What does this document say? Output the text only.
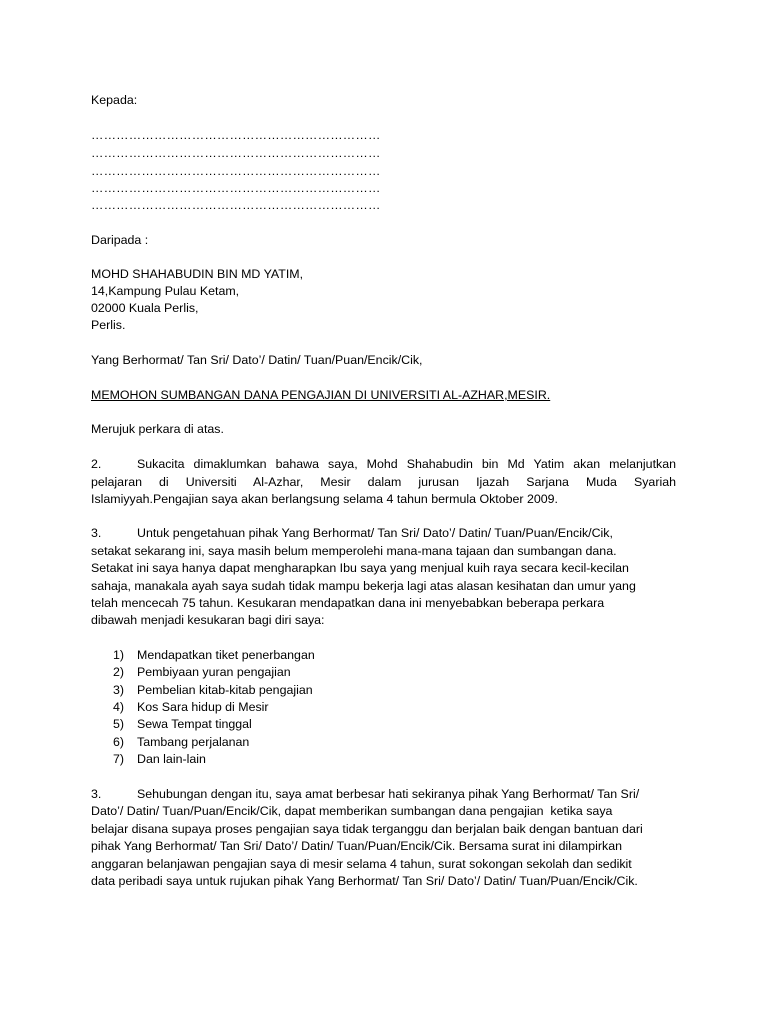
Kepada:
……………………………………………………………
……………………………………………………………
……………………………………………………………
……………………………………………………………
……………………………………………………………
Daripada :
MOHD SHAHABUDIN BIN MD YATIM,
14,Kampung Pulau Ketam,
02000 Kuala Perlis,
Perlis.
Yang Berhormat/ Tan Sri/ Dato’/ Datin/ Tuan/Puan/Encik/Cik,
MEMOHON SUMBANGAN DANA PENGAJIAN DI UNIVERSITI AL-AZHAR,MESIR.
Merujuk perkara di atas.
2.	Sukacita dimaklumkan bahawa saya, Mohd Shahabudin bin Md Yatim akan melanjutkan
pelajaran di Universiti Al-Azhar, Mesir dalam jurusan Ijazah Sarjana Muda Syariah
Islamiyyah.Pengajian saya akan berlangsung selama 4 tahun bermula Oktober 2009.
3.	Untuk pengetahuan pihak Yang Berhormat/ Tan Sri/ Dato’/ Datin/ Tuan/Puan/Encik/Cik,
setakat sekarang ini, saya masih belum memperolehi mana-mana tajaan dan sumbangan dana.
Setakat ini saya hanya dapat mengharapkan Ibu saya yang menjual kuih raya secara kecil-kecilan
sahaja, manakala ayah saya sudah tidak mampu bekerja lagi atas alasan kesihatan dan umur yang
telah mencecah 75 tahun. Kesukaran mendapatkan dana ini menyebabkan beberapa perkara
dibawah menjadi kesukaran bagi diri saya:
1) Mendapatkan tiket penerbangan
2) Pembiyaan yuran pengajian
3) Pembelian kitab-kitab pengajian
4) Kos Sara hidup di Mesir
5) Sewa Tempat tinggal
6) Tambang perjalanan
7) Dan lain-lain
3.	Sehubungan dengan itu, saya amat berbesar hati sekiranya pihak Yang Berhormat/ Tan Sri/
Dato’/ Datin/ Tuan/Puan/Encik/Cik, dapat memberikan sumbangan dana pengajian  ketika saya
belajar disana supaya proses pengajian saya tidak terganggu dan berjalan baik dengan bantuan dari
pihak Yang Berhormat/ Tan Sri/ Dato’/ Datin/ Tuan/Puan/Encik/Cik. Bersama surat ini dilampirkan
anggaran belanjawan pengajian saya di mesir selama 4 tahun, surat sokongan sekolah dan sedikit
data peribadi saya untuk rujukan pihak Yang Berhormat/ Tan Sri/ Dato’/ Datin/ Tuan/Puan/Encik/Cik.
